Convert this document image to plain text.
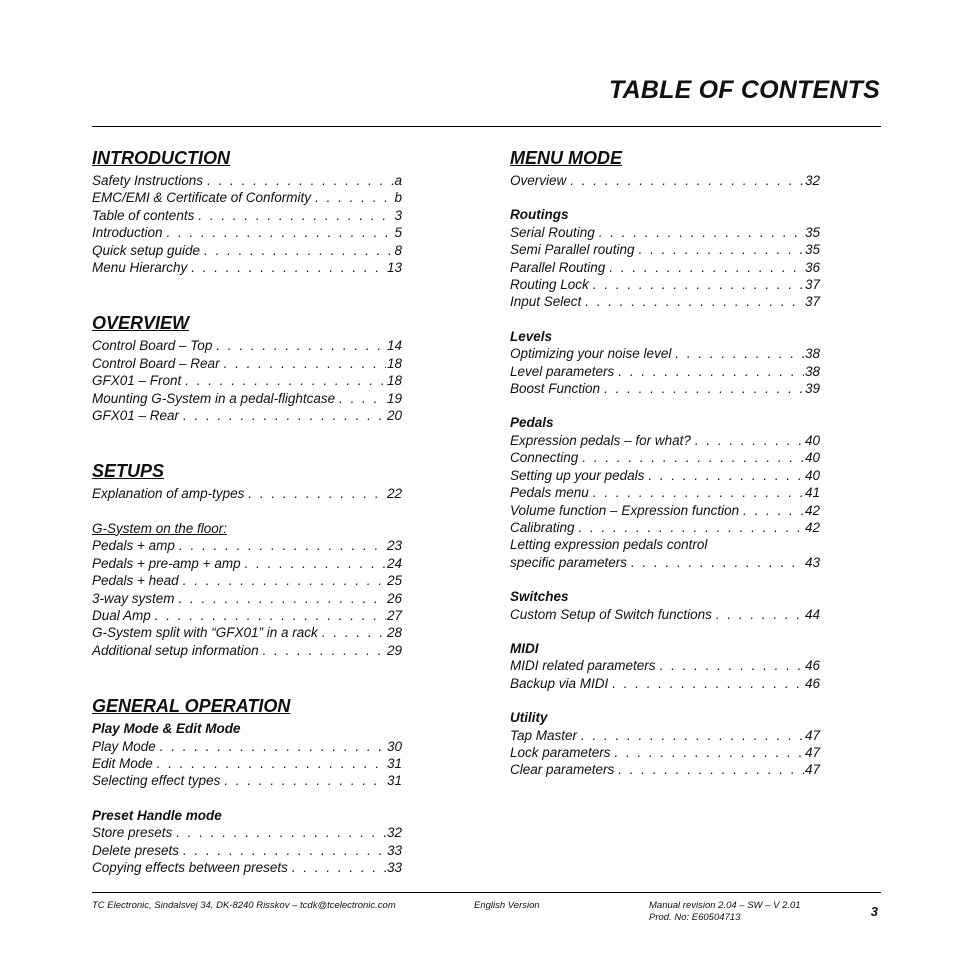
TABLE OF CONTENTS
INTRODUCTION
Safety Instructions . . .	a
EMC/EMI & Certificate of Conformity . . .	b
Table of contents . . .	3
Introduction . . .	5
Quick setup guide . . .	8
Menu Hierarchy . . .	13
OVERVIEW
Control Board – Top . . .	14
Control Board – Rear . . .	18
GFX01 – Front . . .	18
Mounting G-System in a pedal-flightcase . . .	19
GFX01 – Rear . . .	20
SETUPS
Explanation of amp-types . . .	22
G-System on the floor:
Pedals + amp . . .	23
Pedals + pre-amp + amp . . .	24
Pedals + head . . .	25
3-way system . . .	26
Dual Amp . . .	27
G-System split with “GFX01” in a rack . . .	28
Additional setup information . . .	29
GENERAL OPERATION
Play Mode & Edit Mode
Play Mode . . .	30
Edit Mode . . .	31
Selecting effect types . . .	31
Preset Handle mode
Store presets . . .	32
Delete presets . . .	33
Copying effects between presets . . .	33
MENU MODE
Overview . . .	32
Routings
Serial Routing . . .	35
Semi Parallel routing . . .	35
Parallel Routing . . .	36
Routing Lock . . .	37
Input Select . . .	37
Levels
Optimizing your noise level . . .	38
Level parameters . . .	38
Boost Function . . .	39
Pedals
Expression pedals – for what? . . .	40
Connecting . . .	40
Setting up your pedals . . .	40
Pedals menu . . .	41
Volume function – Expression function . . .	42
Calibrating . . .	42
Letting expression pedals control
specific parameters . . .	43
Switches
Custom Setup of Switch functions . . .	44
MIDI
MIDI related parameters . . .	46
Backup via MIDI . . .	46
Utility
Tap Master . . .	47
Lock parameters . . .	47
Clear parameters . . .	47
TC Electronic, Sindalsvej 34, DK-8240 Risskov – tcdk@tcelectronic.com	English Version	Manual revision 2.04 – SW – V 2.01
Prod. No: E60504713	3
